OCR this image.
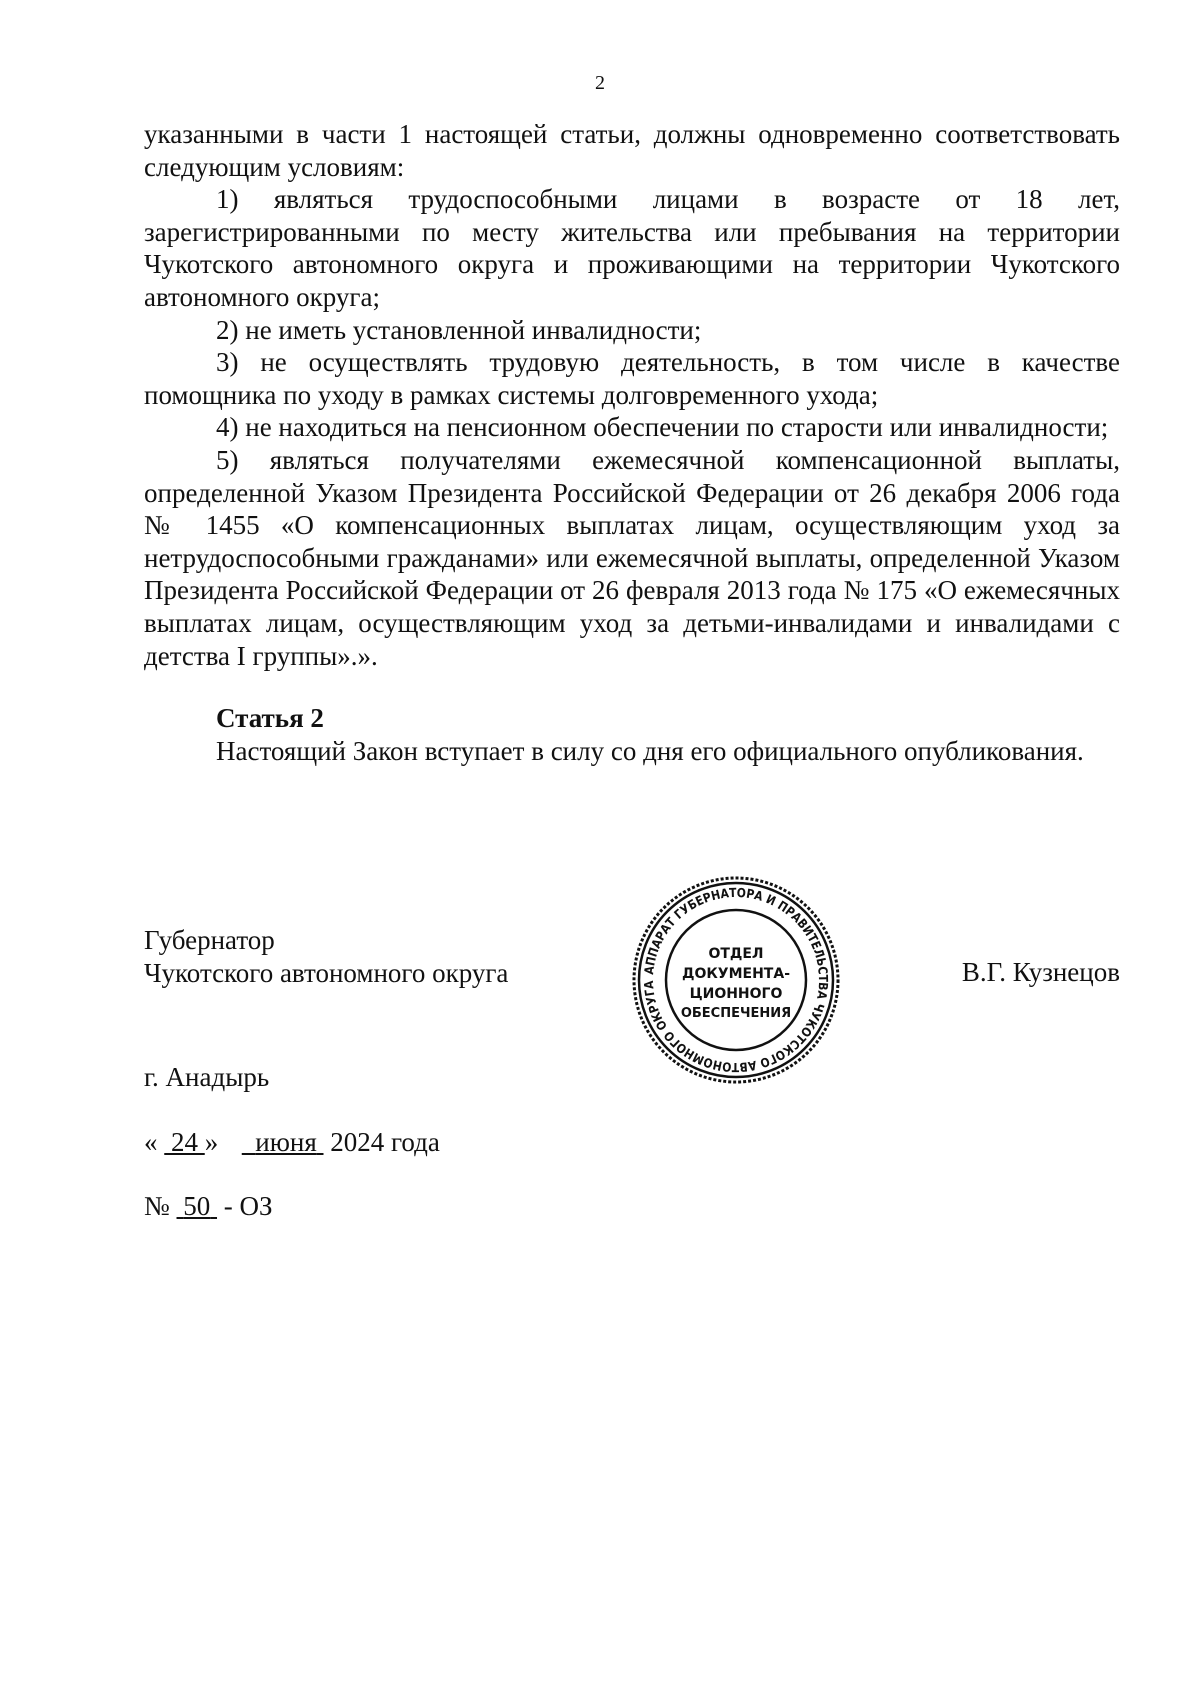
2

указанными в части 1 настоящей статьи, должны одновременно соответствовать следующим условиям:

1) являться трудоспособными лицами в возрасте от 18 лет, зарегистрированными по месту жительства или пребывания на территории Чукотского автономного округа и проживающими на территории Чукотского автономного округа;

2) не иметь установленной инвалидности;

3) не осуществлять трудовую деятельность, в том числе в качестве помощника по уходу в рамках системы долговременного ухода;

4) не находиться на пенсионном обеспечении по старости или инвалидности;

5) являться получателями ежемесячной компенсационной выплаты, определенной Указом Президента Российской Федерации от 26 декабря 2006 года № 1455 «О компенсационных выплатах лицам, осуществляющим уход за нетрудоспособными гражданами» или ежемесячной выплаты, определенной Указом Президента Российской Федерации от 26 февраля 2013 года № 175 «О ежемесячных выплатах лицам, осуществляющим уход за детьми-инвалидами и инвалидами с детства I группы».».

Статья 2

Настоящий Закон вступает в силу со дня его официального опубликования.

Губернатор
Чукотского автономного округа	АППАРАТ ГУБЕРНАТОРА И ПРАВИТЕЛЬСТВА ЧУКОТСКОГО АВТОНОМНОГО ОКРУГА
ОТДЕЛ
ДОКУМЕНТА-
ЦИОННОГО
ОБЕСПЕЧЕНИЯ
В.Г. Кузнецов
г. Анадырь
« 24 » июня 2024 года
№ 50 - ОЗ
